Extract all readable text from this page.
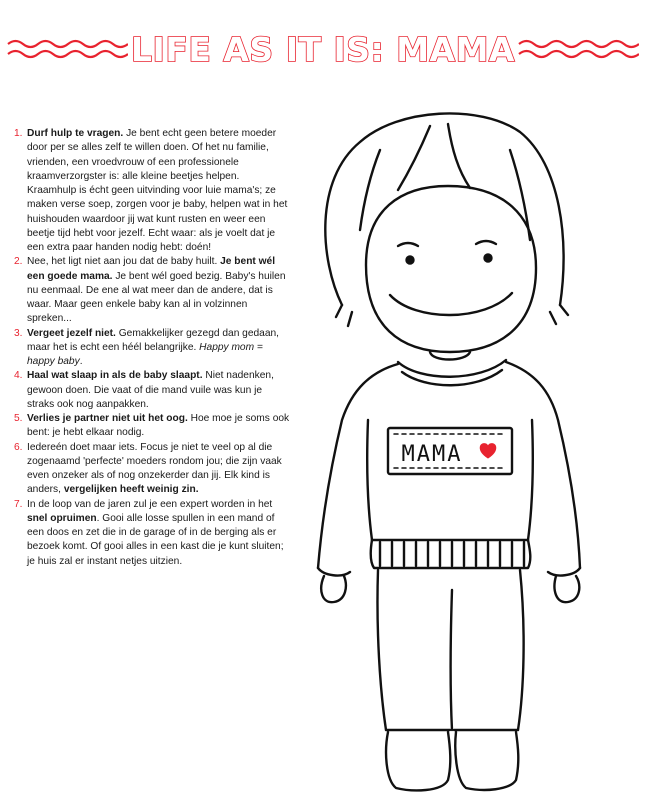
LIFE AS IT IS: MAMA
1. Durf hulp te vragen. Je bent echt geen betere moeder door per se alles zelf te willen doen. Of het nu familie, vrienden, een vroedvrouw of een professionele kraamverzorgster is: alle kleine beetjes helpen. Kraamhulp is écht geen uitvinding voor luie mama's; ze maken verse soep, zorgen voor je baby, helpen wat in het huishouden waardoor jij wat kunt rusten en weer een beetje tijd hebt voor jezelf. Echt waar: als je voelt dat je een extra paar handen nodig hebt: doén!
2. Nee, het ligt niet aan jou dat de baby huilt. Je bent wél een goede mama. Je bent wél goed bezig. Baby's huilen nu eenmaal. De ene al wat meer dan de andere, dat is waar. Maar geen enkele baby kan al in volzinnen spreken...
3. Vergeet jezelf niet. Gemakkelijker gezegd dan gedaan, maar het is echt een héél belangrijke. Happy mom = happy baby.
4. Haal wat slaap in als de baby slaapt. Niet nadenken, gewoon doen. Die vaat of die mand vuile was kun je straks ook nog aanpakken.
5. Verlies je partner niet uit het oog. Hoe moe je soms ook bent: je hebt elkaar nodig.
6. Iedereén doet maar iets. Focus je niet te veel op al die zogenaamd 'perfecte' moeders rondom jou; die zijn vaak even onzeker als of nog onzekerder dan jij. Elk kind is anders, vergelijken heeft weinig zin.
7. In de loop van de jaren zul je een expert worden in het snel opruimen. Gooi alle losse spullen in een mand of een doos en zet die in de garage of in de berging als er bezoek komt. Of gooi alles in een kast die je kunt sluiten; je huis zal er instant netjes uitzien.
MAMA
